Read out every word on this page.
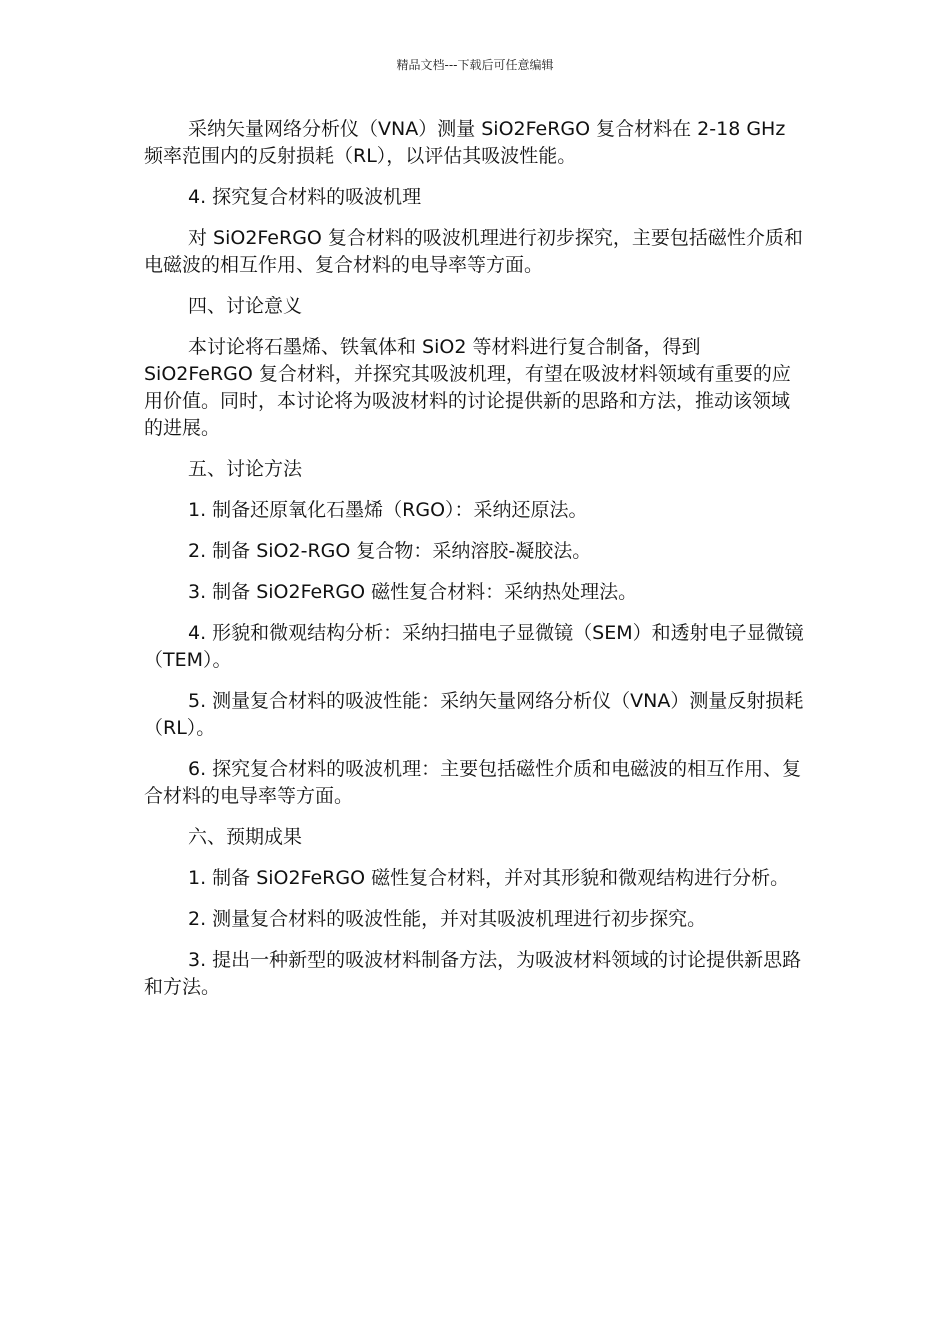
精品文档---下载后可任意编辑

采纳矢量网络分析仪（VNA）测量 SiO2FeRGO 复合材料在 2-18 GHz 频率范围内的反射损耗（RL），以评估其吸波性能。

4. 探究复合材料的吸波机理

对 SiO2FeRGO 复合材料的吸波机理进行初步探究，主要包括磁性介质和电磁波的相互作用、复合材料的电导率等方面。

四、讨论意义

本讨论将石墨烯、铁氧体和 SiO2 等材料进行复合制备，得到 SiO2FeRGO 复合材料，并探究其吸波机理，有望在吸波材料领域有重要的应用价值。同时，本讨论将为吸波材料的讨论提供新的思路和方法，推动该领域的进展。

五、讨论方法

1. 制备还原氧化石墨烯（RGO）：采纳还原法。

2. 制备 SiO2-RGO 复合物：采纳溶胶-凝胶法。

3. 制备 SiO2FeRGO 磁性复合材料：采纳热处理法。

4. 形貌和微观结构分析：采纳扫描电子显微镜（SEM）和透射电子显微镜（TEM）。

5. 测量复合材料的吸波性能：采纳矢量网络分析仪（VNA）测量反射损耗（RL）。

6. 探究复合材料的吸波机理：主要包括磁性介质和电磁波的相互作用、复合材料的电导率等方面。

六、预期成果

1. 制备 SiO2FeRGO 磁性复合材料，并对其形貌和微观结构进行分析。

2. 测量复合材料的吸波性能，并对其吸波机理进行初步探究。

3. 提出一种新型的吸波材料制备方法，为吸波材料领域的讨论提供新思路和方法。
